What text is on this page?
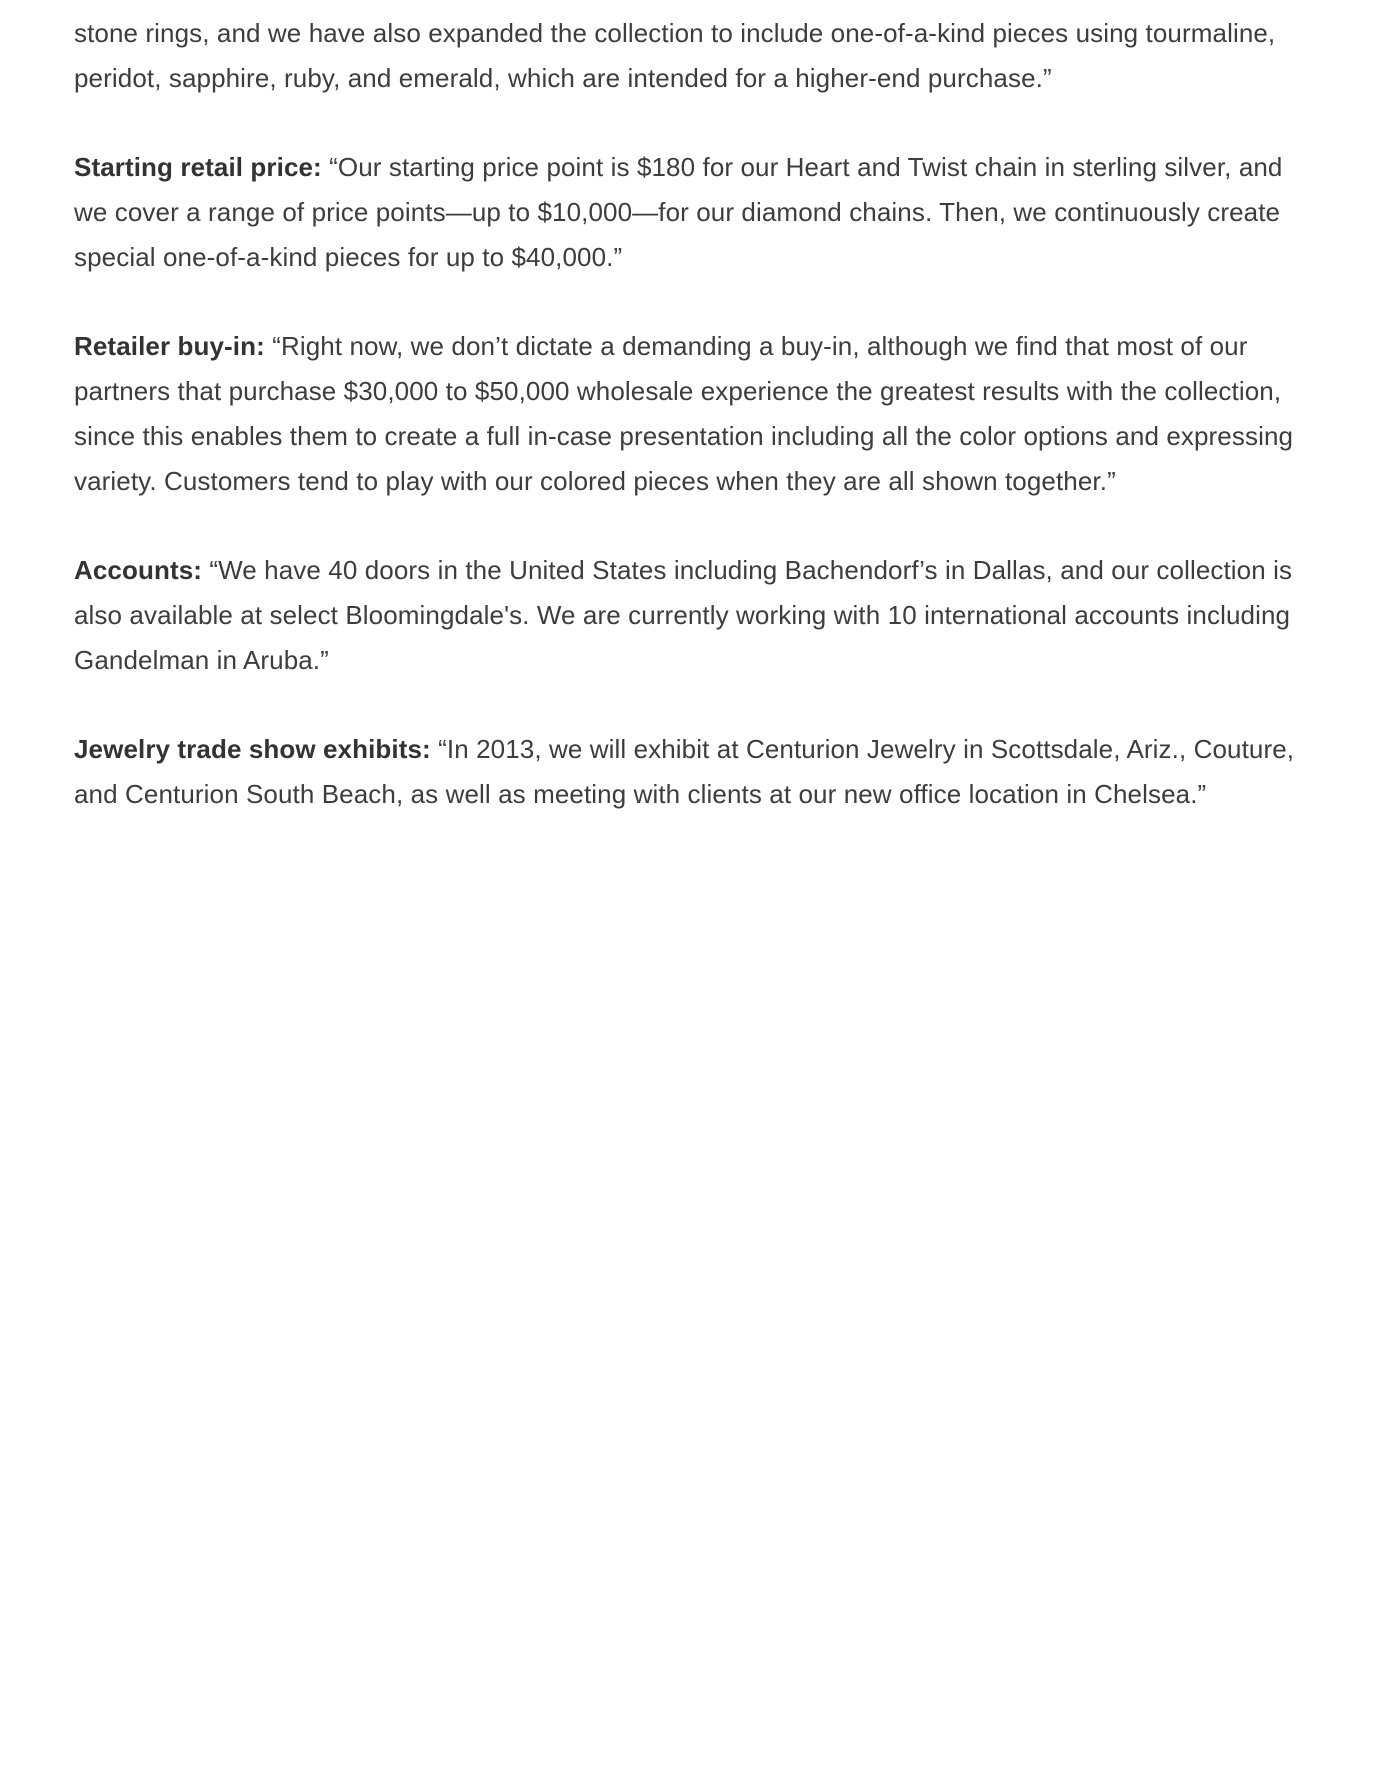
stone rings, and we have also expanded the collection to include one-of-a-kind pieces using tourmaline, peridot, sapphire, ruby, and emerald, which are intended for a higher-end purchase.”

Starting retail price: “Our starting price point is $180 for our Heart and Twist chain in sterling silver, and we cover a range of price points—up to $10,000—for our diamond chains. Then, we continuously create special one-of-a-kind pieces for up to $40,000.”

Retailer buy-in: “Right now, we don’t dictate a demanding a buy-in, although we find that most of our partners that purchase $30,000 to $50,000 wholesale experience the greatest results with the collection, since this enables them to create a full in-case presentation including all the color options and expressing variety. Customers tend to play with our colored pieces when they are all shown together.”

Accounts: “We have 40 doors in the United States including Bachendorf’s in Dallas, and our collection is also available at select Bloomingdale's. We are currently working with 10 international accounts including Gandelman in Aruba.”

Jewelry trade show exhibits: “In 2013, we will exhibit at Centurion Jewelry in Scottsdale, Ariz., Couture, and Centurion South Beach, as well as meeting with clients at our new office location in Chelsea.”
